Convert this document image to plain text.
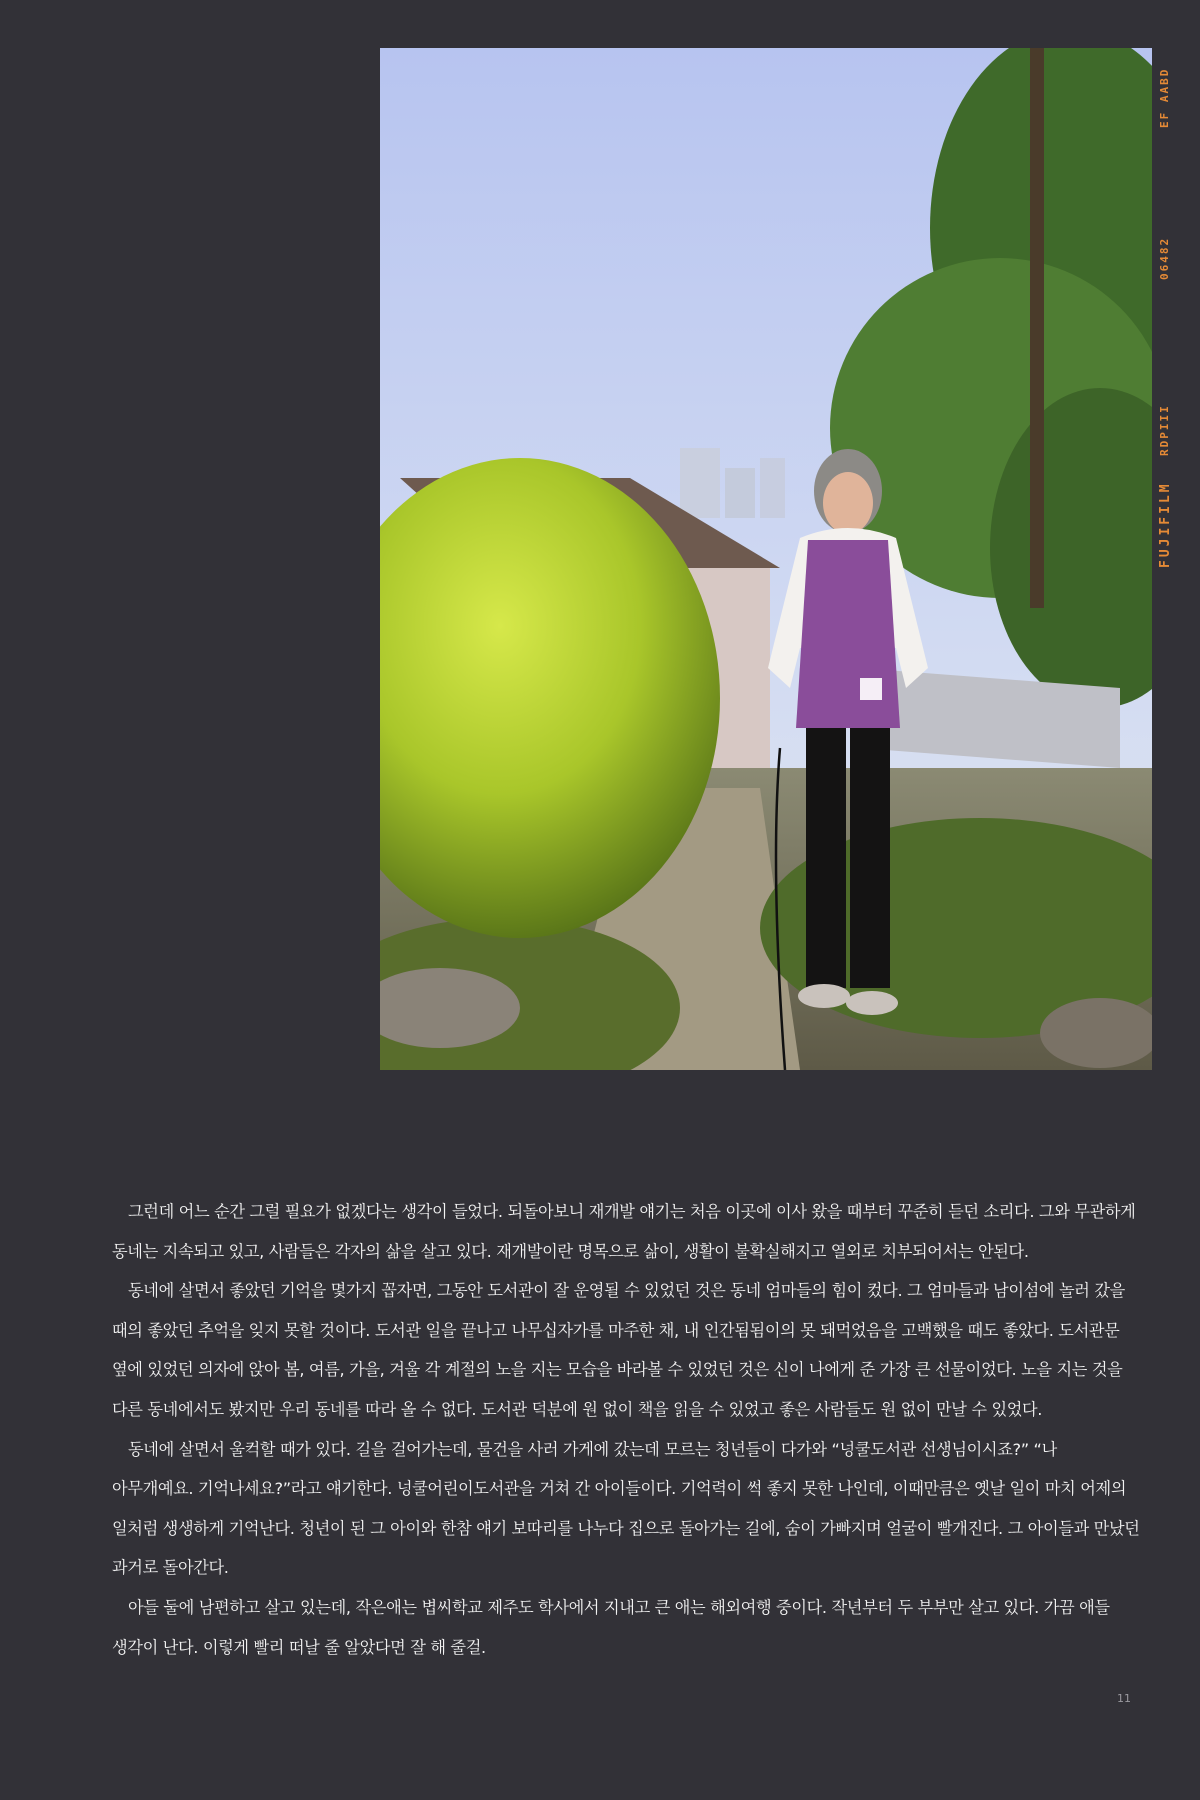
EF AABD
06482
RDPIII
FUJIFILM

그런데 어느 순간 그럴 필요가 없겠다는 생각이 들었다. 되돌아보니 재개발 얘기는 처음 이곳에 이사 왔을 때부터 꾸준히 듣던 소리다. 그와 무관하게 동네는 지속되고 있고, 사람들은 각자의 삶을 살고 있다. 재개발이란 명목으로 삶이, 생활이 불확실해지고 열외로 치부되어서는 안된다.

동네에 살면서 좋았던 기억을 몇가지 꼽자면, 그동안 도서관이 잘 운영될 수 있었던 것은 동네 엄마들의 힘이 컸다. 그 엄마들과 남이섬에 놀러 갔을 때의 좋았던 추억을 잊지 못할 것이다. 도서관 일을 끝나고 나무십자가를 마주한 채, 내 인간됨됨이의 못 돼먹었음을 고백했을 때도 좋았다. 도서관문 옆에 있었던 의자에 앉아 봄, 여름, 가을, 겨울 각 계절의 노을 지는 모습을 바라볼 수 있었던 것은 신이 나에게 준 가장 큰 선물이었다. 노을 지는 것을 다른 동네에서도 봤지만 우리 동네를 따라 올 수 없다. 도서관 덕분에 원 없이 책을 읽을 수 있었고 좋은 사람들도 원 없이 만날 수 있었다.

동네에 살면서 울컥할 때가 있다. 길을 걸어가는데, 물건을 사러 가게에 갔는데 모르는 청년들이 다가와 “넝쿨도서관 선생님이시죠?” “나 아무개예요. 기억나세요?”라고 얘기한다. 넝쿨어린이도서관을 거쳐 간 아이들이다. 기억력이 썩 좋지 못한 나인데, 이때만큼은 옛날 일이 마치 어제의 일처럼 생생하게 기억난다. 청년이 된 그 아이와 한참 얘기 보따리를 나누다 집으로 돌아가는 길에, 숨이 가빠지며 얼굴이 빨개진다. 그 아이들과 만났던 과거로 돌아간다.

아들 둘에 남편하고 살고 있는데, 작은애는 볍씨학교 제주도 학사에서 지내고 큰 애는 해외여행 중이다. 작년부터 두 부부만 살고 있다. 가끔 애들 생각이 난다. 이렇게 빨리 떠날 줄 알았다면 잘 해 줄걸.

11
